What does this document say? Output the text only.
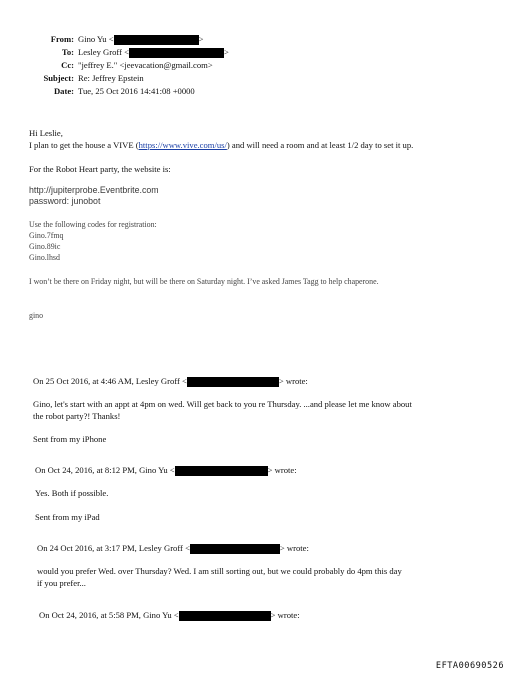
From: Gino Yu <	>
To: Lesley Groff <	>
Cc: "jeffrey E." <jeevacation@gmail.com>
Subject: Re: Jeffrey Epstein
Date: Tue, 25 Oct 2016 14:41:08 +0000
Hi Leslie,
I plan to get the house a VIVE (https://www.vive.com/us/) and will need a room and at least 1/2 day to set it up.
For the Robot Heart party, the website is:
http://jupiterprobe.Eventbrite.com
password: junobot
Use the following codes for registration:
Gino.7fmq
Gino.89ic
Gino.lhsd
I won’t be there on Friday night, but will be there on Saturday night. I’ve asked James Tagg to help chaperone.
gino
On 25 Oct 2016, at 4:46 AM, Lesley Groff <	> wrote:
Gino, let's start with an appt at 4pm on wed. Will get back to you re Thursday. ...and please let me know about
the robot party?! Thanks!
Sent from my iPhone
On Oct 24, 2016, at 8:12 PM, Gino Yu <	> wrote:
Yes. Both if possible.
Sent from my iPad
On 24 Oct 2016, at 3:17 PM, Lesley Groff <	> wrote:
would you prefer Wed. over Thursday? Wed. I am still sorting out, but we could probably do 4pm this day
if you prefer...
On Oct 24, 2016, at 5:58 PM, Gino Yu <	> wrote:
EFTA00690526
